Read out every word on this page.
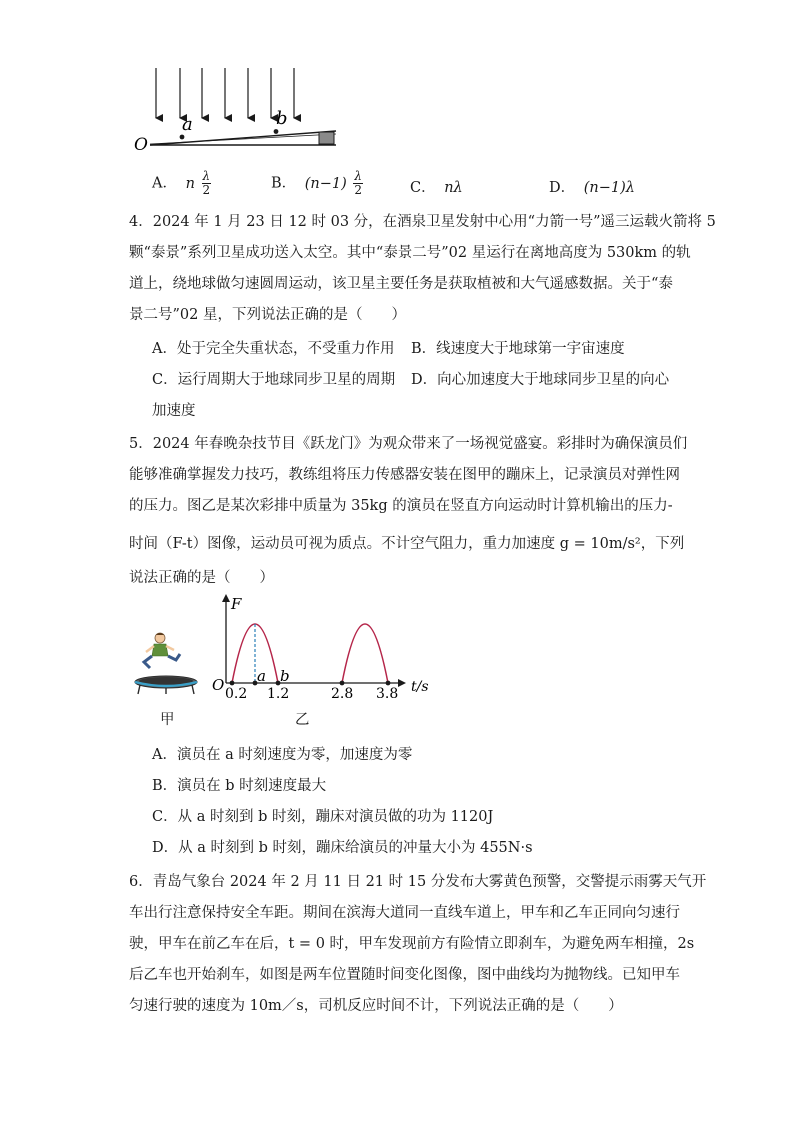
O
a	b
A． n $\frac{\lambda}{2}$	B． $(n-1) \frac{\lambda}{2}$	C． nλ	D． (n−1)λ
4．2024 年 1 月 23 日 12 时 03 分，在酒泉卫星发射中心用“力箭一号”遥三运载火箭将 5
颗“泰景”系列卫星成功送入太空。其中“泰景二号”02 星运行在离地高度为 530km 的轨
道上，绕地球做匀速圆周运动，该卫星主要任务是获取植被和大气遥感数据。关于“泰
景二号”02 星，下列说法正确的是（　　）
A．处于完全失重状态，不受重力作用 B．线速度大于地球第一宇宙速度
C．运行周期大于地球同步卫星的周期 D．向心加速度大于地球同步卫星的向心
加速度
5．2024 年春晚杂技节目《跃龙门》为观众带来了一场视觉盛宴。彩排时为确保演员们
能够准确掌握发力技巧，教练组将压力传感器安装在图甲的蹦床上，记录演员对弹性网
的压力。图乙是某次彩排中质量为 35kg 的演员在竖直方向运动时计算机输出的压力-
时间（F-t）图像，运动员可视为质点。不计空气阻力，重力加速度 g = 10m/s²，下列
说法正确的是（　　）
甲
F
t/s
O a b
0.2 1.2	2.8 3.8
乙
A．演员在 a 时刻速度为零，加速度为零
B．演员在 b 时刻速度最大
C．从 a 时刻到 b 时刻，蹦床对演员做的功为 1120J
D．从 a 时刻到 b 时刻，蹦床给演员的冲量大小为 455N·s
6．青岛气象台 2024 年 2 月 11 日 21 时 15 分发布大雾黄色预警，交警提示雨雾天气开
车出行注意保持安全车距。期间在滨海大道同一直线车道上，甲车和乙车正同向匀速行
驶，甲车在前乙车在后，t = 0 时，甲车发现前方有险情立即刹车，为避免两车相撞，2s
后乙车也开始刹车，如图是两车位置随时间变化图像，图中曲线均为抛物线。已知甲车
匀速行驶的速度为 10m／s，司机反应时间不计，下列说法正确的是（　　）
